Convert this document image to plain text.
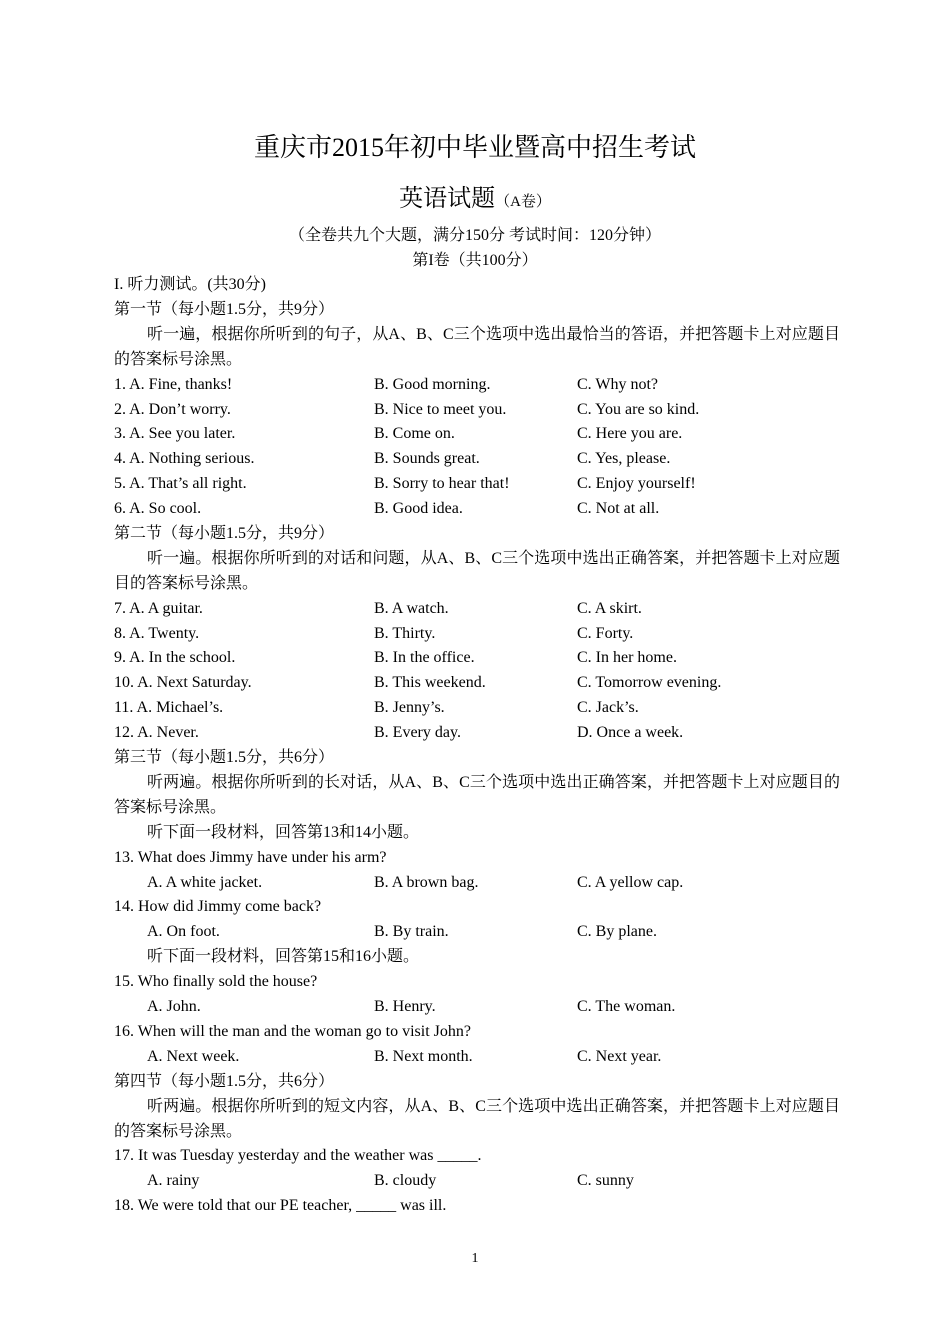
重庆市2015年初中毕业暨高中招生考试
英语试题（A卷）
（全卷共九个大题，满分150分 考试时间：120分钟）
第I卷（共100分）
I. 听力测试。(共30分)
第一节（每小题1.5分，共9分）
听一遍，根据你所听到的句子，从A、B、C三个选项中选出最恰当的答语，并把答题卡上对应题目的答案标号涂黑。
1. A. Fine, thanks!	B. Good morning.	C. Why not?
2. A. Don’t worry.	B. Nice to meet you.	C. You are so kind.
3. A. See you later.	B. Come on.	C. Here you are.
4. A. Nothing serious.	B. Sounds great.	C. Yes, please.
5. A. That’s all right.	B. Sorry to hear that!	C. Enjoy yourself!
6. A. So cool.	B. Good idea.	C. Not at all.
第二节（每小题1.5分，共9分）
听一遍。根据你所听到的对话和问题，从A、B、C三个选项中选出正确答案，并把答题卡上对应题目的答案标号涂黑。
7. A. A guitar.	B. A watch.	C. A skirt.
8. A. Twenty.	B. Thirty.	C. Forty.
9. A. In the school.	B. In the office.	C. In her home.
10. A. Next Saturday.	B. This weekend.	C. Tomorrow evening.
11. A. Michael’s.	B. Jenny’s.	C. Jack’s.
12. A. Never.	B. Every day.	D. Once a week.
第三节（每小题1.5分，共6分）
听两遍。根据你所听到的长对话，从A、B、C三个选项中选出正确答案，并把答题卡上对应题目的答案标号涂黑。
听下面一段材料，回答第13和14小题。
13. What does Jimmy have under his arm?
A. A white jacket.	B. A brown bag.	C. A yellow cap.
14. How did Jimmy come back?
A. On foot.	B. By train.	C. By plane.
听下面一段材料，回答第15和16小题。
15. Who finally sold the house?
A. John.	B. Henry.	C. The woman.
16. When will the man and the woman go to visit John?
A. Next week.	B. Next month.	C. Next year.
第四节（每小题1.5分，共6分）
听两遍。根据你所听到的短文内容，从A、B、C三个选项中选出正确答案，并把答题卡上对应题目的答案标号涂黑。
17. It was Tuesday yesterday and the weather was _____.
A. rainy	B. cloudy	C. sunny
18. We were told that our PE teacher, _____ was ill.
1
